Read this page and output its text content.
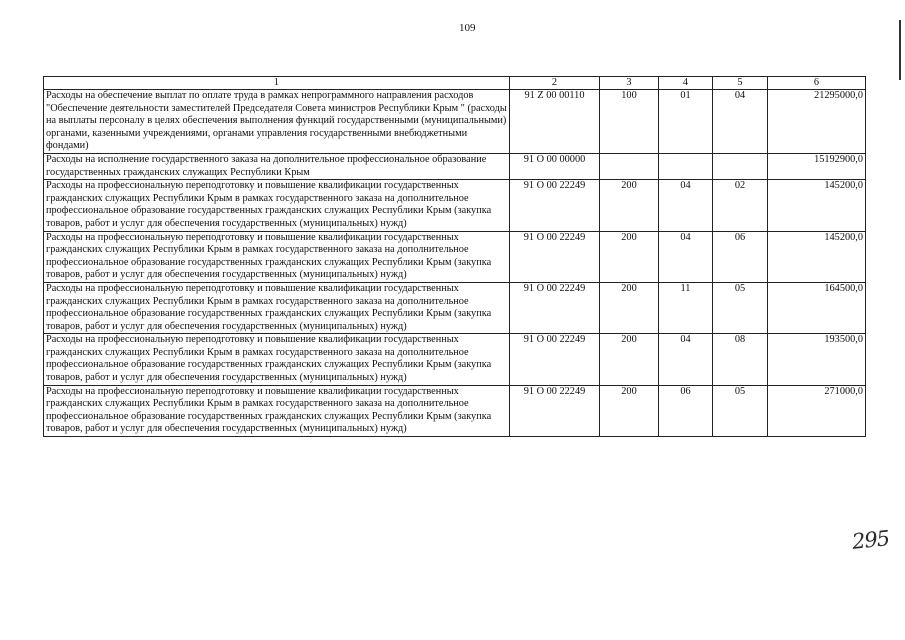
109
1	2	3	4	5	6
Расходы на обеспечение выплат по оплате труда в рамках непрограммного направления расходов "Обеспечение деятельности заместителей Председателя Совета министров Республики Крым " (расходы на выплаты персоналу в целях обеспечения выполнения функций государственными (муниципальными) органами, казенными учреждениями, органами управления государственными внебюджетными фондами)	91 Z 00 00110	100	01	04	21295000,0
Расходы на исполнение государственного заказа на дополнительное профессиональное образование государственных гражданских служащих Республики Крым	91 О 00 00000				15192900,0
Расходы на профессиональную переподготовку и повышение квалификации государственных гражданских служащих Республики Крым в рамках государственного заказа на дополнительное профессиональное образование государственных гражданских служащих Республики Крым (закупка товаров, работ и услуг для обеспечения государственных (муниципальных) нужд)	91 О 00 22249	200	04	02	145200,0
Расходы на профессиональную переподготовку и повышение квалификации государственных гражданских служащих Республики Крым в рамках государственного заказа на дополнительное профессиональное образование государственных гражданских служащих Республики Крым (закупка товаров, работ и услуг для обеспечения государственных (муниципальных) нужд)	91 О 00 22249	200	04	06	145200,0
Расходы на профессиональную переподготовку и повышение квалификации государственных гражданских служащих Республики Крым в рамках государственного заказа на дополнительное профессиональное образование государственных гражданских служащих Республики Крым (закупка товаров, работ и услуг для обеспечения государственных (муниципальных) нужд)	91 О 00 22249	200	11	05	164500,0
Расходы на профессиональную переподготовку и повышение квалификации государственных гражданских служащих Республики Крым в рамках государственного заказа на дополнительное профессиональное образование государственных гражданских служащих Республики Крым (закупка товаров, работ и услуг для обеспечения государственных (муниципальных) нужд)	91 О 00 22249	200	04	08	193500,0
Расходы на профессиональную переподготовку и повышение квалификации государственных гражданских служащих Республики Крым в рамках государственного заказа на дополнительное профессиональное образование государственных гражданских служащих Республики Крым (закупка товаров, работ и услуг для обеспечения государственных (муниципальных) нужд)	91 О 00 22249	200	06	05	271000,0
295
